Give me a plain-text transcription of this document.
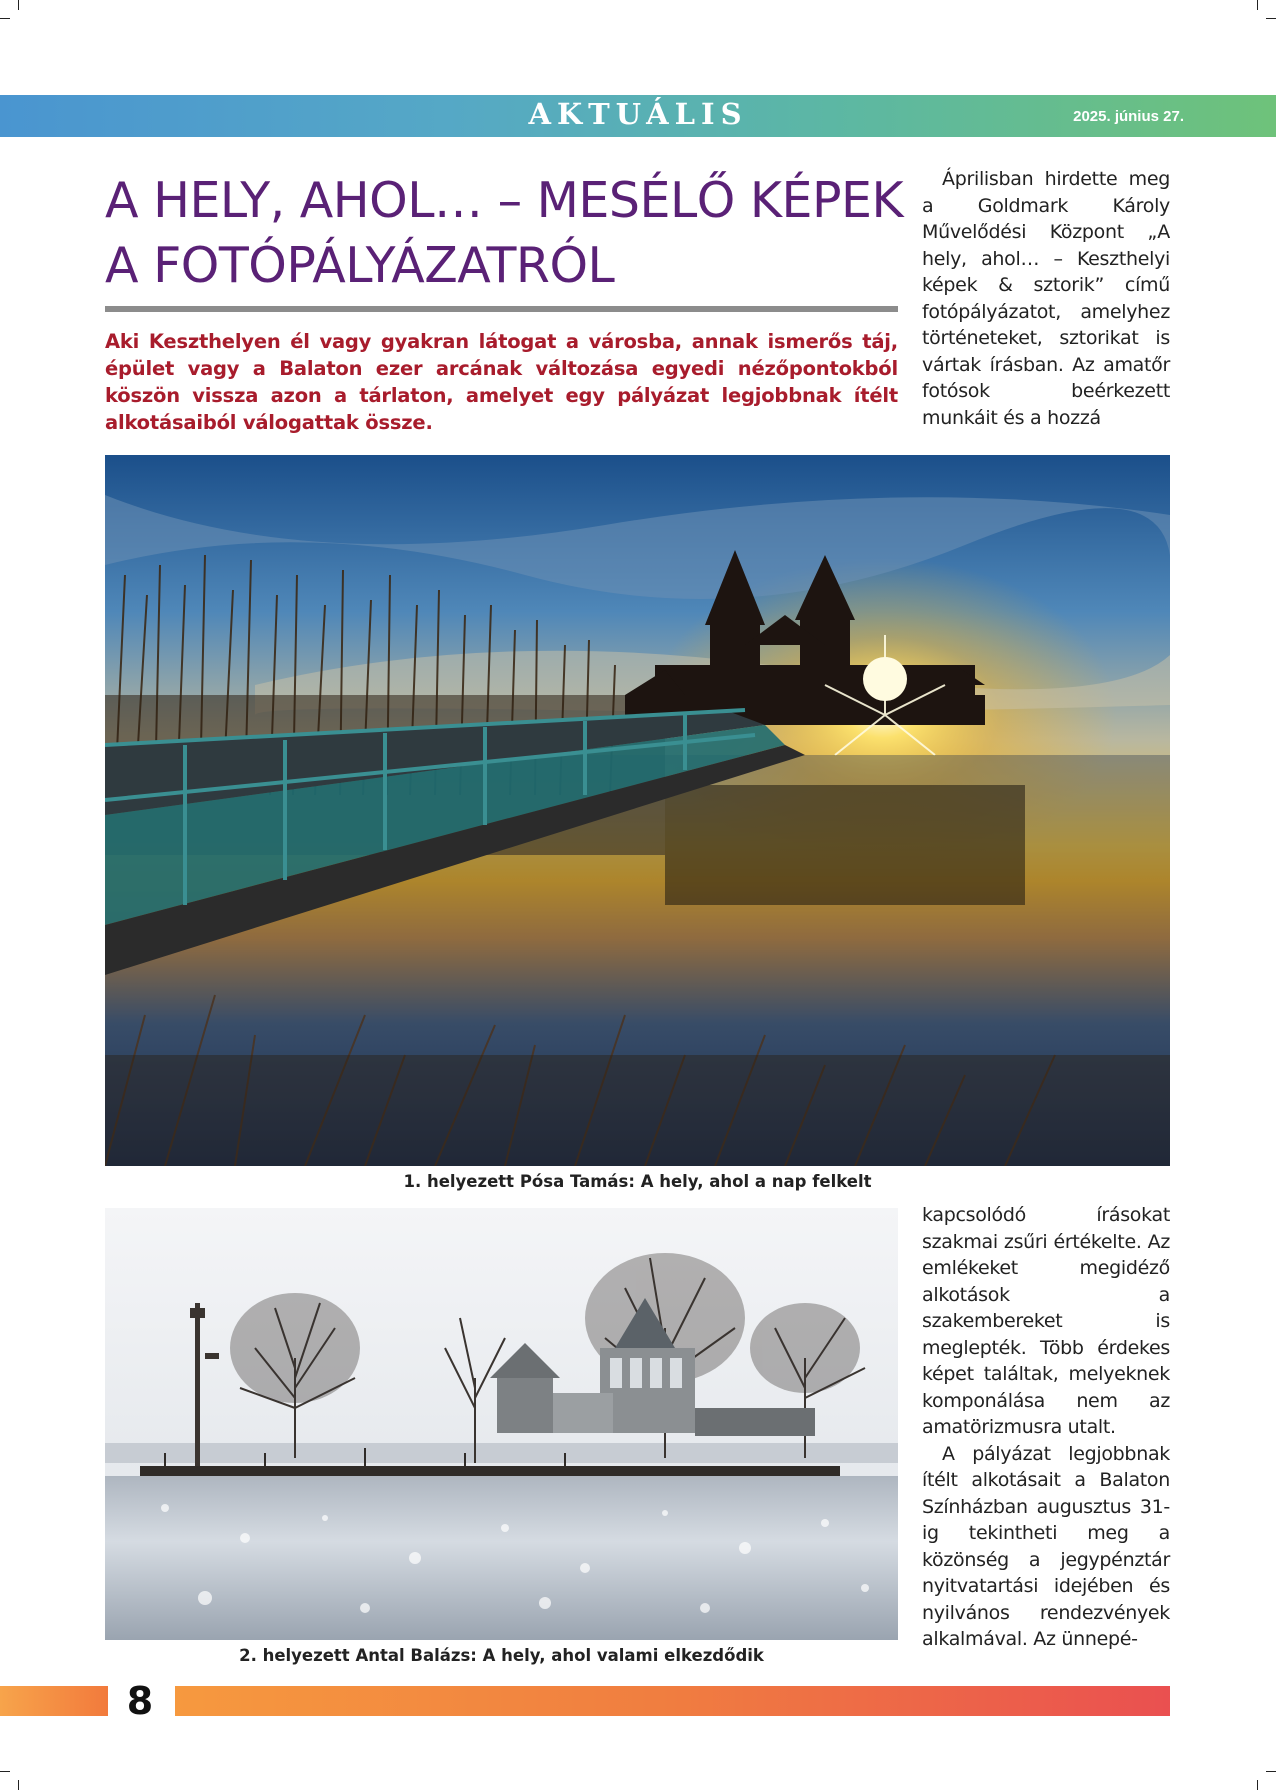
AKTUÁLIS	2025. június 27.
A HELY, AHOL… – MESÉLŐ KÉPEK A FOTÓPÁLYÁZATRÓL

Aki Keszthelyen él vagy gyakran látogat a városba, annak ismerős táj, épület vagy a Balaton ezer arcának változása egyedi nézőpontokból köszön vissza azon a tárlaton, amelyet egy pályázat legjobbnak ítélt alkotásaiból válogattak össze.

Áprilisban hirdette meg a Goldmark Károly Művelődési Központ „A hely, ahol… – Keszthelyi képek & sztorik” című fotópályázatot, amelyhez történeteket, sztorikat is vártak írásban. Az amatőr fotósok beérkezett munkáit és a hozzá

1. helyezett Pósa Tamás: A hely, ahol a nap felkelt
2. helyezett Antal Balázs: A hely, ahol valami elkezdődik
kapcsolódó írásokat szakmai zsűri értékelte. Az emlékeket megidéző alkotások a szakembereket is meglepték. Több érdekes képet találtak, melyeknek komponálása nem az amatörizmusra utalt.
A pályázat legjobbnak ítélt alkotásait a Balaton Színházban augusztus 31-ig tekintheti meg a közönség a jegypénztár nyitvatartási idejében és nyilvános rendezvények alkalmával. Az ünnepé-
8
